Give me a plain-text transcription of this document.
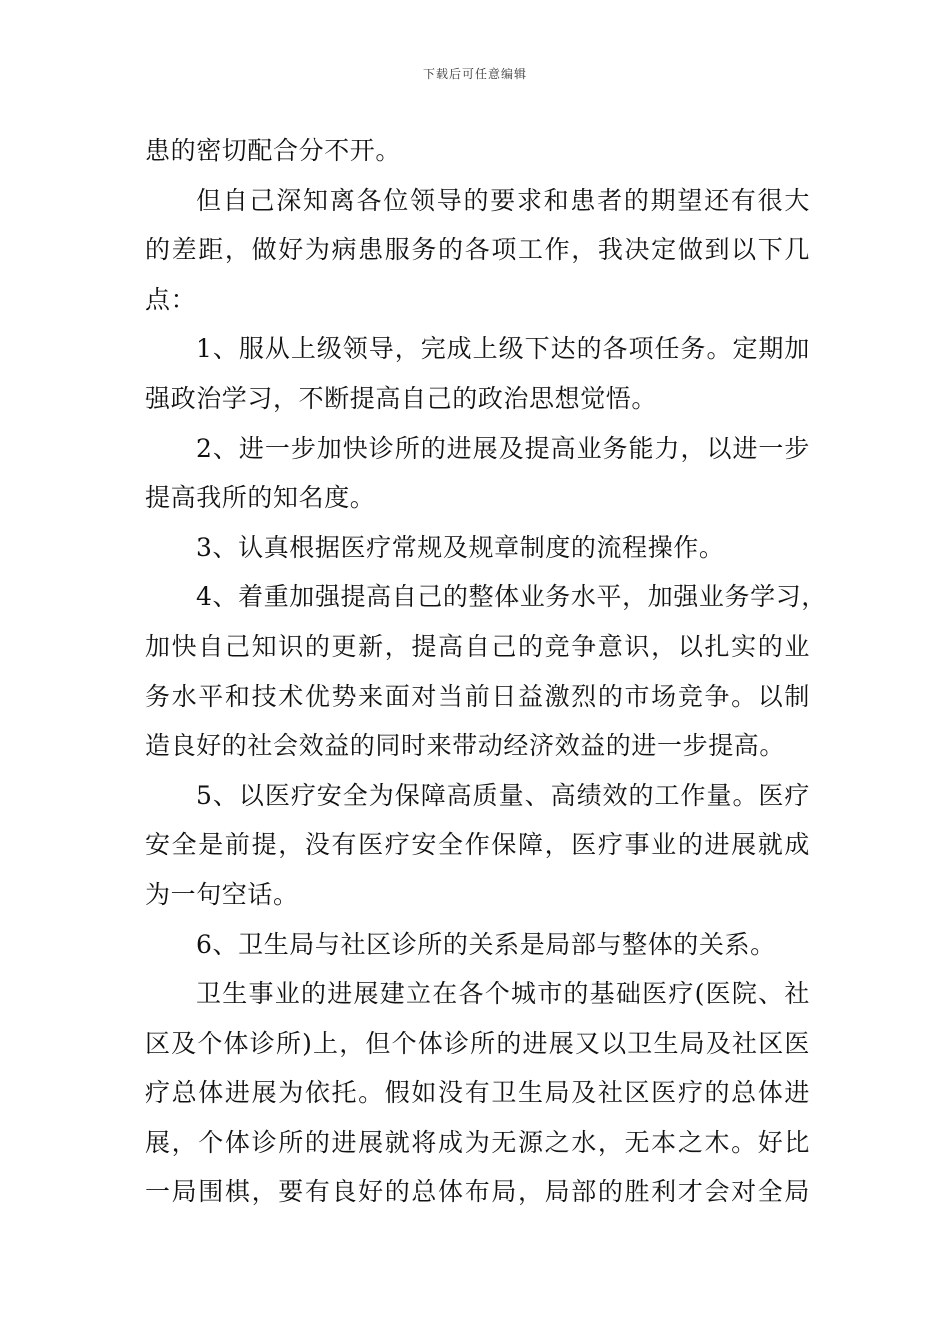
下载后可任意编辑
患的密切配合分不开。
但自己深知离各位领导的要求和患者的期望还有很大
的差距，做好为病患服务的各项工作，我决定做到以下几
点：
1、服从上级领导，完成上级下达的各项任务。定期加
强政治学习，不断提高自己的政治思想觉悟。
2、进一步加快诊所的进展及提高业务能力，以进一步
提高我所的知名度。
3、认真根据医疗常规及规章制度的流程操作。
4、着重加强提高自己的整体业务水平，加强业务学习，
加快自己知识的更新，提高自己的竞争意识，以扎实的业
务水平和技术优势来面对当前日益激烈的市场竞争。以制
造良好的社会效益的同时来带动经济效益的进一步提高。
5、以医疗安全为保障高质量、高绩效的工作量。医疗
安全是前提，没有医疗安全作保障，医疗事业的进展就成
为一句空话。
6、卫生局与社区诊所的关系是局部与整体的关系。
卫生事业的进展建立在各个城市的基础医疗(医院、社
区及个体诊所)上，但个体诊所的进展又以卫生局及社区医
疗总体进展为依托。假如没有卫生局及社区医疗的总体进
展，个体诊所的进展就将成为无源之水，无本之木。好比
一局围棋，要有良好的总体布局，局部的胜利才会对全局
